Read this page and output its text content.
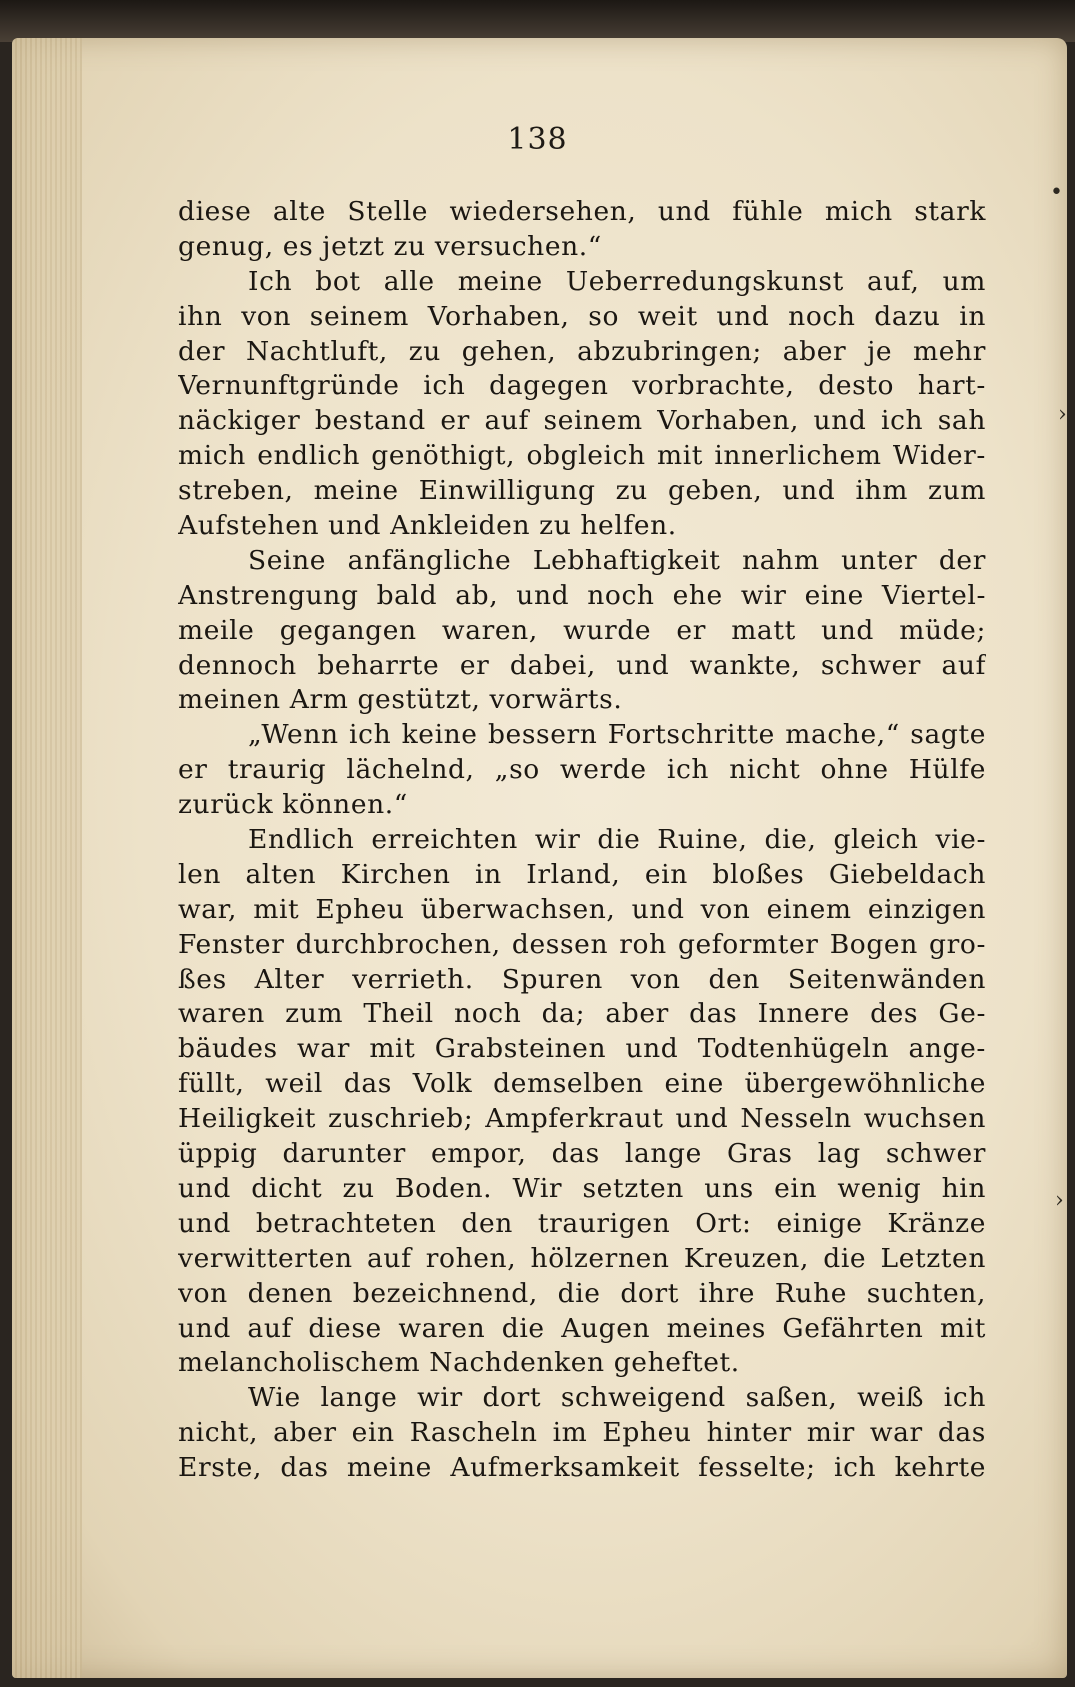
138
diese alte Stelle wiedersehen, und fühle mich stark
genug, es jetzt zu versuchen.“
Ich bot alle meine Ueberredungskunst auf, um
ihn von seinem Vorhaben, so weit und noch dazu in
der Nachtluft, zu gehen, abzubringen; aber je mehr
Vernunftgründe ich dagegen vorbrachte, desto hart-
näckiger bestand er auf seinem Vorhaben, und ich sah
mich endlich genöthigt, obgleich mit innerlichem Wider-
streben, meine Einwilligung zu geben, und ihm zum
Aufstehen und Ankleiden zu helfen.
Seine anfängliche Lebhaftigkeit nahm unter der
Anstrengung bald ab, und noch ehe wir eine Viertel-
meile gegangen waren, wurde er matt und müde;
dennoch beharrte er dabei, und wankte, schwer auf
meinen Arm gestützt, vorwärts.
„Wenn ich keine bessern Fortschritte mache,“ sagte
er traurig lächelnd, „so werde ich nicht ohne Hülfe
zurück können.“
Endlich erreichten wir die Ruine, die, gleich vie-
len alten Kirchen in Irland, ein bloßes Giebeldach
war, mit Epheu überwachsen, und von einem einzigen
Fenster durchbrochen, dessen roh geformter Bogen gro-
ßes Alter verrieth. Spuren von den Seitenwänden
waren zum Theil noch da; aber das Innere des Ge-
bäudes war mit Grabsteinen und Todtenhügeln ange-
füllt, weil das Volk demselben eine übergewöhnliche
Heiligkeit zuschrieb; Ampferkraut und Nesseln wuchsen
üppig darunter empor, das lange Gras lag schwer
und dicht zu Boden. Wir setzten uns ein wenig hin
und betrachteten den traurigen Ort: einige Kränze
verwitterten auf rohen, hölzernen Kreuzen, die Letzten
von denen bezeichnend, die dort ihre Ruhe suchten,
und auf diese waren die Augen meines Gefährten mit
melancholischem Nachdenken geheftet.
Wie lange wir dort schweigend saßen, weiß ich
nicht, aber ein Rascheln im Epheu hinter mir war das
Erste, das meine Aufmerksamkeit fesselte; ich kehrte
•
›
›
